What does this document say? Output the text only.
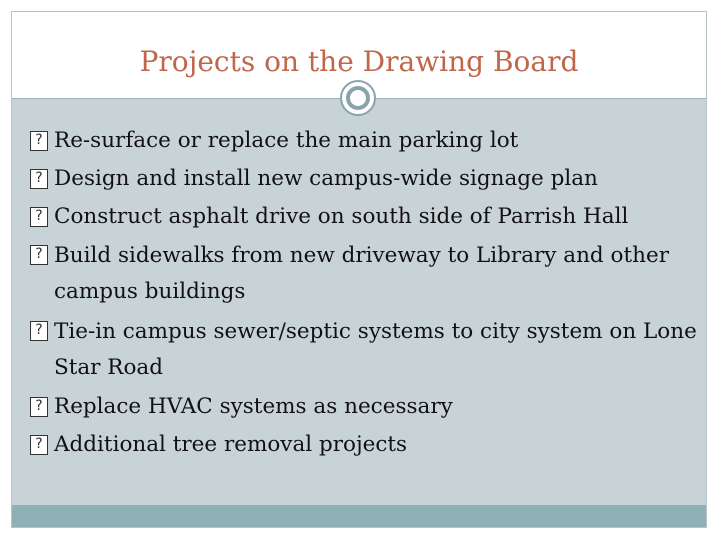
Projects on the Drawing Board
? Re-surface or replace the main parking lot
? Design and install new campus-wide signage plan
? Construct asphalt drive on south side of Parrish Hall
? Build sidewalks from new driveway to Library and other campus buildings
? Tie-in campus sewer/septic systems to city system on Lone Star Road
? Replace HVAC systems as necessary
? Additional tree removal projects
